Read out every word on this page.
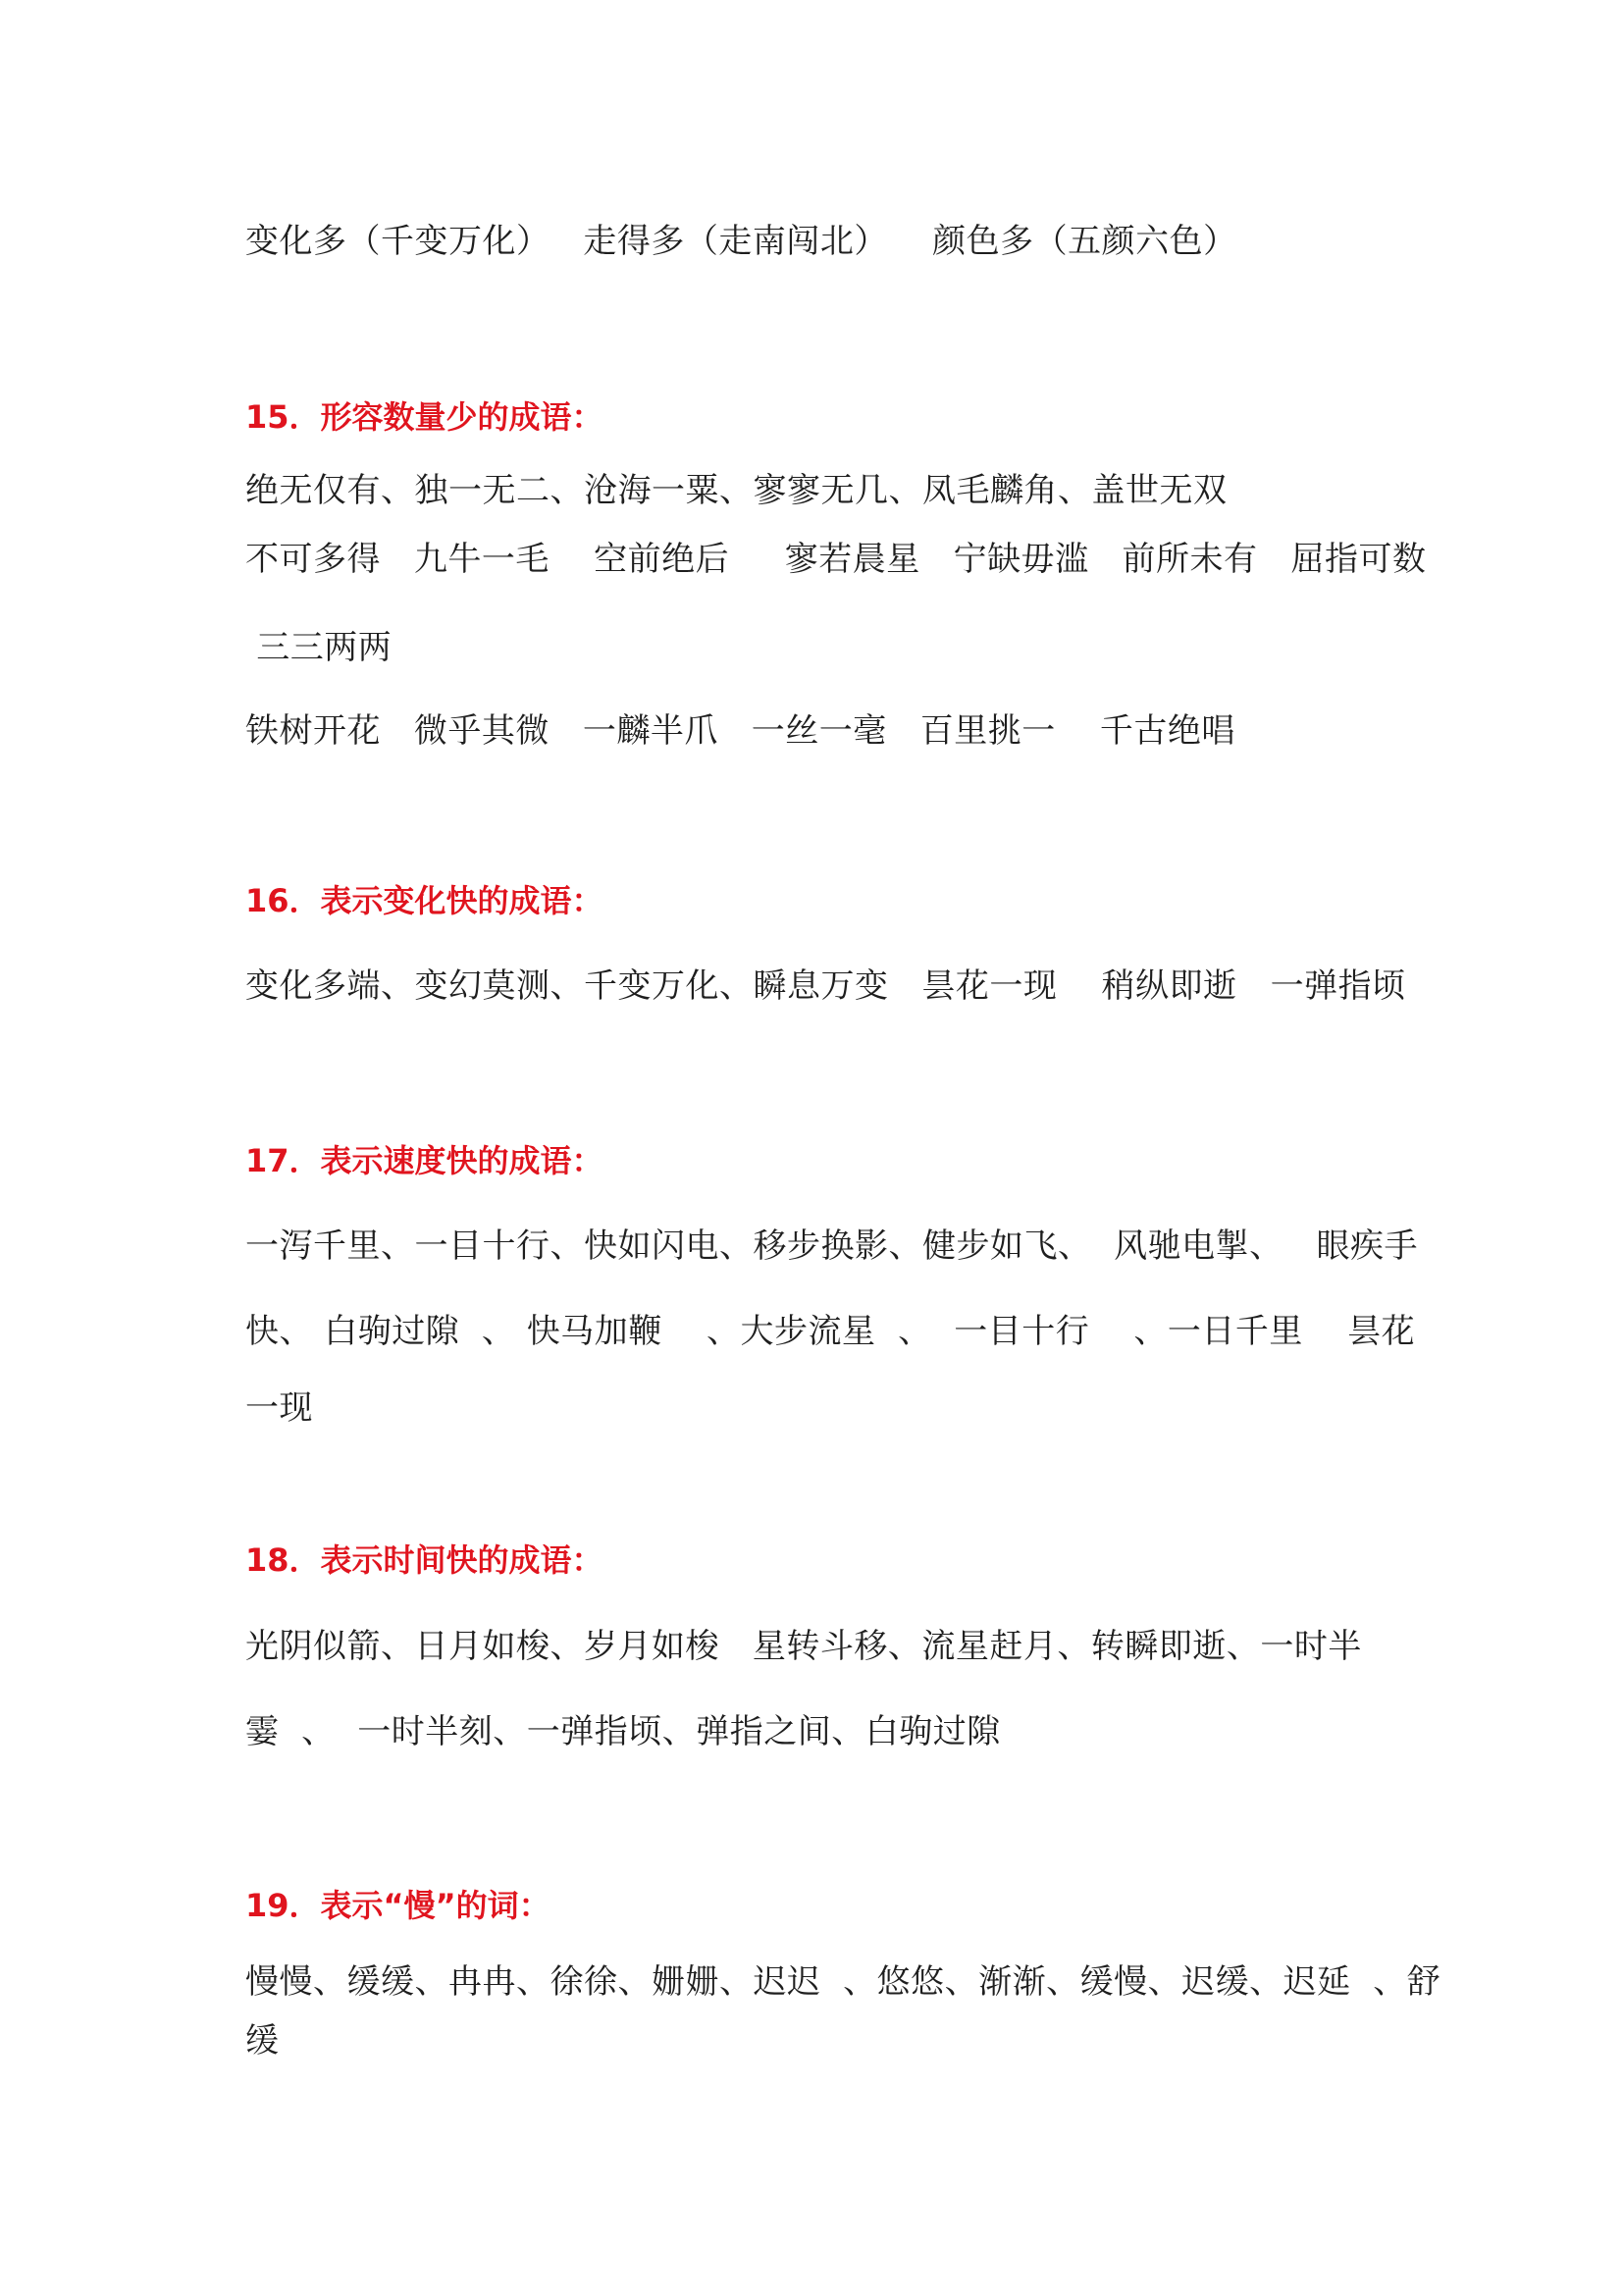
变化多（千变万化）   走得多（走南闯北）    颜色多（五颜六色）

15．形容数量少的成语：

绝无仅有、独一无二、沧海一粟、寥寥无几、凤毛麟角、盖世无双

不可多得   九牛一毛    空前绝后     寥若晨星   宁缺毋滥   前所未有   屈指可数

三三两两

铁树开花   微乎其微   一麟半爪   一丝一毫   百里挑一    千古绝唱

16．表示变化快的成语：

变化多端、变幻莫测、千变万化、瞬息万变   昙花一现    稍纵即逝   一弹指顷

17．表示速度快的成语：

一泻千里、一目十行、快如闪电、移步换影、健步如飞、  风驰电掣、   眼疾手

快、 白驹过隙  、 快马加鞭    、大步流星  、  一目十行    、一日千里    昙花

一现

18．表示时间快的成语：

光阴似箭、日月如梭、岁月如梭   星转斗移、流星赶月、转瞬即逝、一时半

霎  、  一时半刻、一弹指顷、弹指之间、白驹过隙

19．表示“慢”的词：

慢慢、缓缓、冉冉、徐徐、姗姗、迟迟  、悠悠、渐渐、缓慢、迟缓、迟延  、舒

缓
